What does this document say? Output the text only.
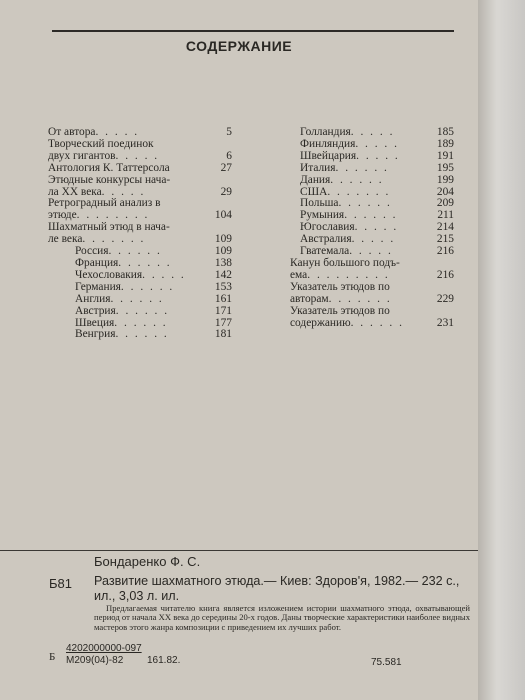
СОДЕРЖАНИЕ
От автора . . . . .	5
Творческий поединок
двух гигантов . . . . .	6
Антология К. Таттерсола	27
Этюдные конкурсы нача-
ла XX века . . . . .	29
Ретроградный анализ в
этюде . . . . . . . .	104
Шахматный этюд в нача-
ле века . . . . . . .	109
Россия . . . . . .	109
Франция . . . . . .	138
Чехословакия . . . . .	142
Германия . . . . . .	153
Англия . . . . . .	161
Австрия . . . . . .	171
Швеция . . . . . .	177
Венгрия . . . . . .	181
Голландия . . . . .	185
Финляндия . . . . .	189
Швейцария . . . . .	191
Италия . . . . . .	195
Дания . . . . . .	199
США . . . . . . .	204
Польша . . . . . .	209
Румыния . . . . . .	211
Югославия . . . . .	214
Австралия . . . . .	215
Гватемала . . . . .	216
Канун большого подъ-
ема . . . . . . . . .	216
Указатель этюдов по
авторам . . . . . . .	229
Указатель этюдов по
содержанию . . . . . .	231
Бондаренко Ф. С.
Б81 Развитие шахматного этюда.— Киев: Здоров'я, 1982.— 232 с., ил., 3,03 л. ил.
Предлагаемая читателю книга является изложением истории шахматного этюда, охватывающей период от начала XX века до середины 20-х годов. Даны творческие характеристики наиболее видных мастеров этого жанра композиции с приведением их лучших работ.
Б
4202000000-097
М209(04)-82	161.82.	75.581
